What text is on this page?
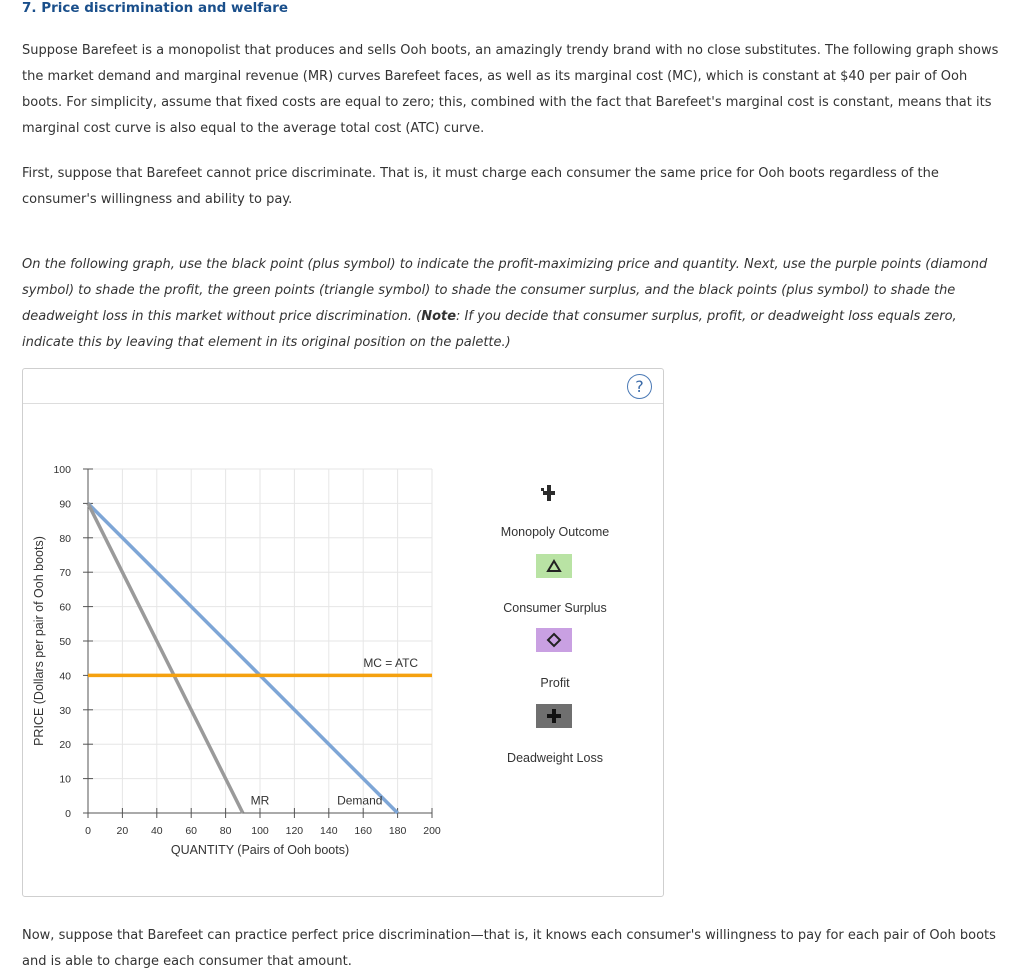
7. Price discrimination and welfare
Suppose Barefeet is a monopolist that produces and sells Ooh boots, an amazingly trendy brand with no close substitutes. The following graph shows the market demand and marginal revenue (MR) curves Barefeet faces, as well as its marginal cost (MC), which is constant at $40 per pair of Ooh boots. For simplicity, assume that fixed costs are equal to zero; this, combined with the fact that Barefeet's marginal cost is constant, means that its marginal cost curve is also equal to the average total cost (ATC) curve.
First, suppose that Barefeet cannot price discriminate. That is, it must charge each consumer the same price for Ooh boots regardless of the consumer's willingness and ability to pay.
On the following graph, use the black point (plus symbol) to indicate the profit-maximizing price and quantity. Next, use the purple points (diamond symbol) to shade the profit, the green points (triangle symbol) to shade the consumer surplus, and the black points (plus symbol) to shade the deadweight loss in this market without price discrimination. (Note: If you decide that consumer surplus, profit, or deadweight loss equals zero, indicate this by leaving that element in its original position on the palette.)
?
0
10
20
30
40
50
60
70
80
90
100
0 20 40 60 80 100 120 140 160 180 200
QUANTITY (Pairs of Ooh boots)
PRICE (Dollars per pair of Ooh boots)
MR	Demand
MC = ATC
Monopoly Outcome
Consumer Surplus
Profit
Deadweight Loss
Now, suppose that Barefeet can practice perfect price discrimination—that is, it knows each consumer's willingness to pay for each pair of Ooh boots and is able to charge each consumer that amount.
